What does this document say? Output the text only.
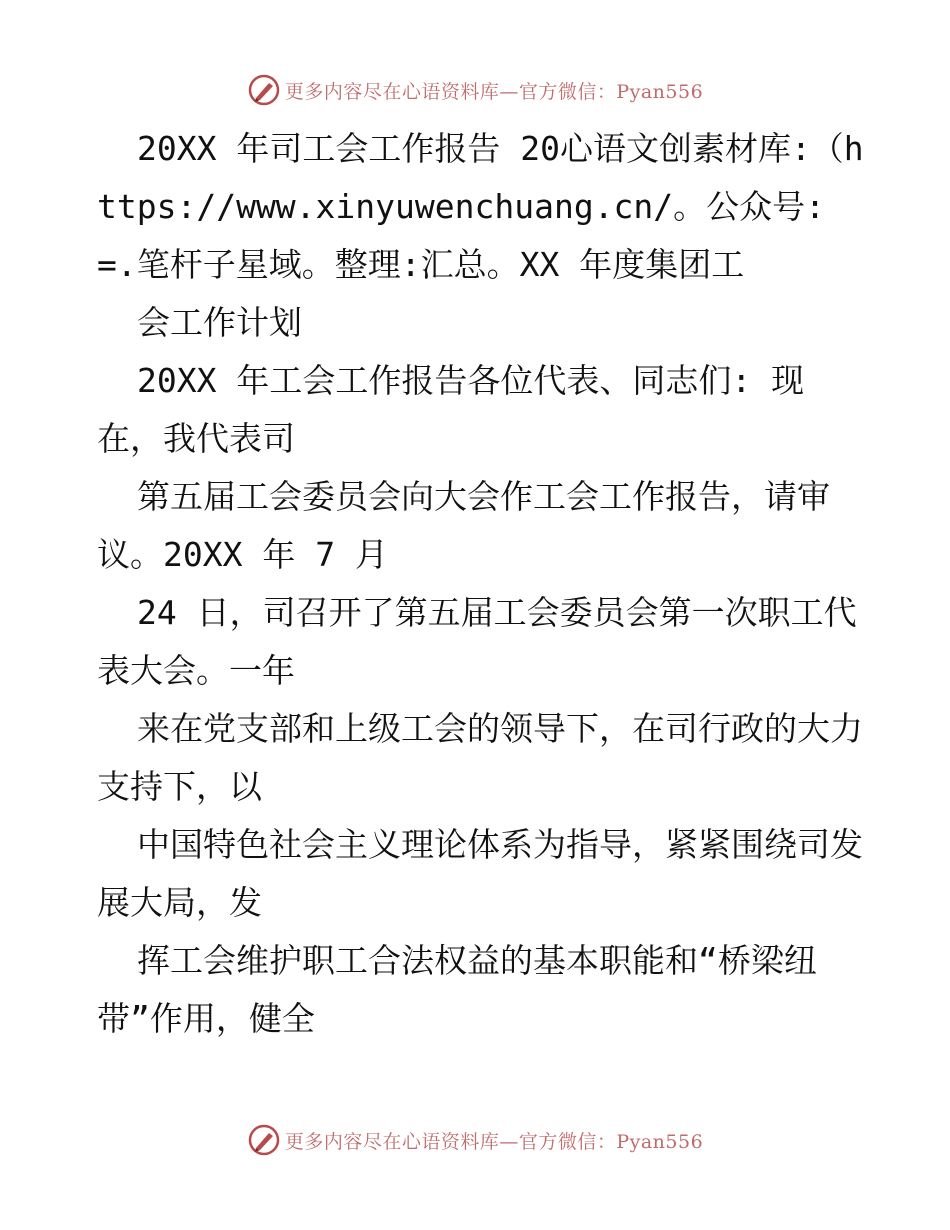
更多内容尽在心语资料库—官方微信：Pyan556

20XX 年司工会工作报告 20心语文创素材库:（https://www.xinyuwenchuang.cn/。公众号: =.笔杆子星域。整理:汇总。XX 年度集团工

会工作计划

20XX 年工会工作报告各位代表、同志们: 现在，我代表司

第五届工会委员会向大会作工会工作报告，请审议。20XX 年 7 月

24 日，司召开了第五届工会委员会第一次职工代表大会。一年

来在党支部和上级工会的领导下，在司行政的大力支持下，以

中国特色社会主义理论体系为指导，紧紧围绕司发展大局，发

挥工会维护职工合法权益的基本职能和“桥梁纽带”作用，健全

更多内容尽在心语资料库—官方微信：Pyan556
